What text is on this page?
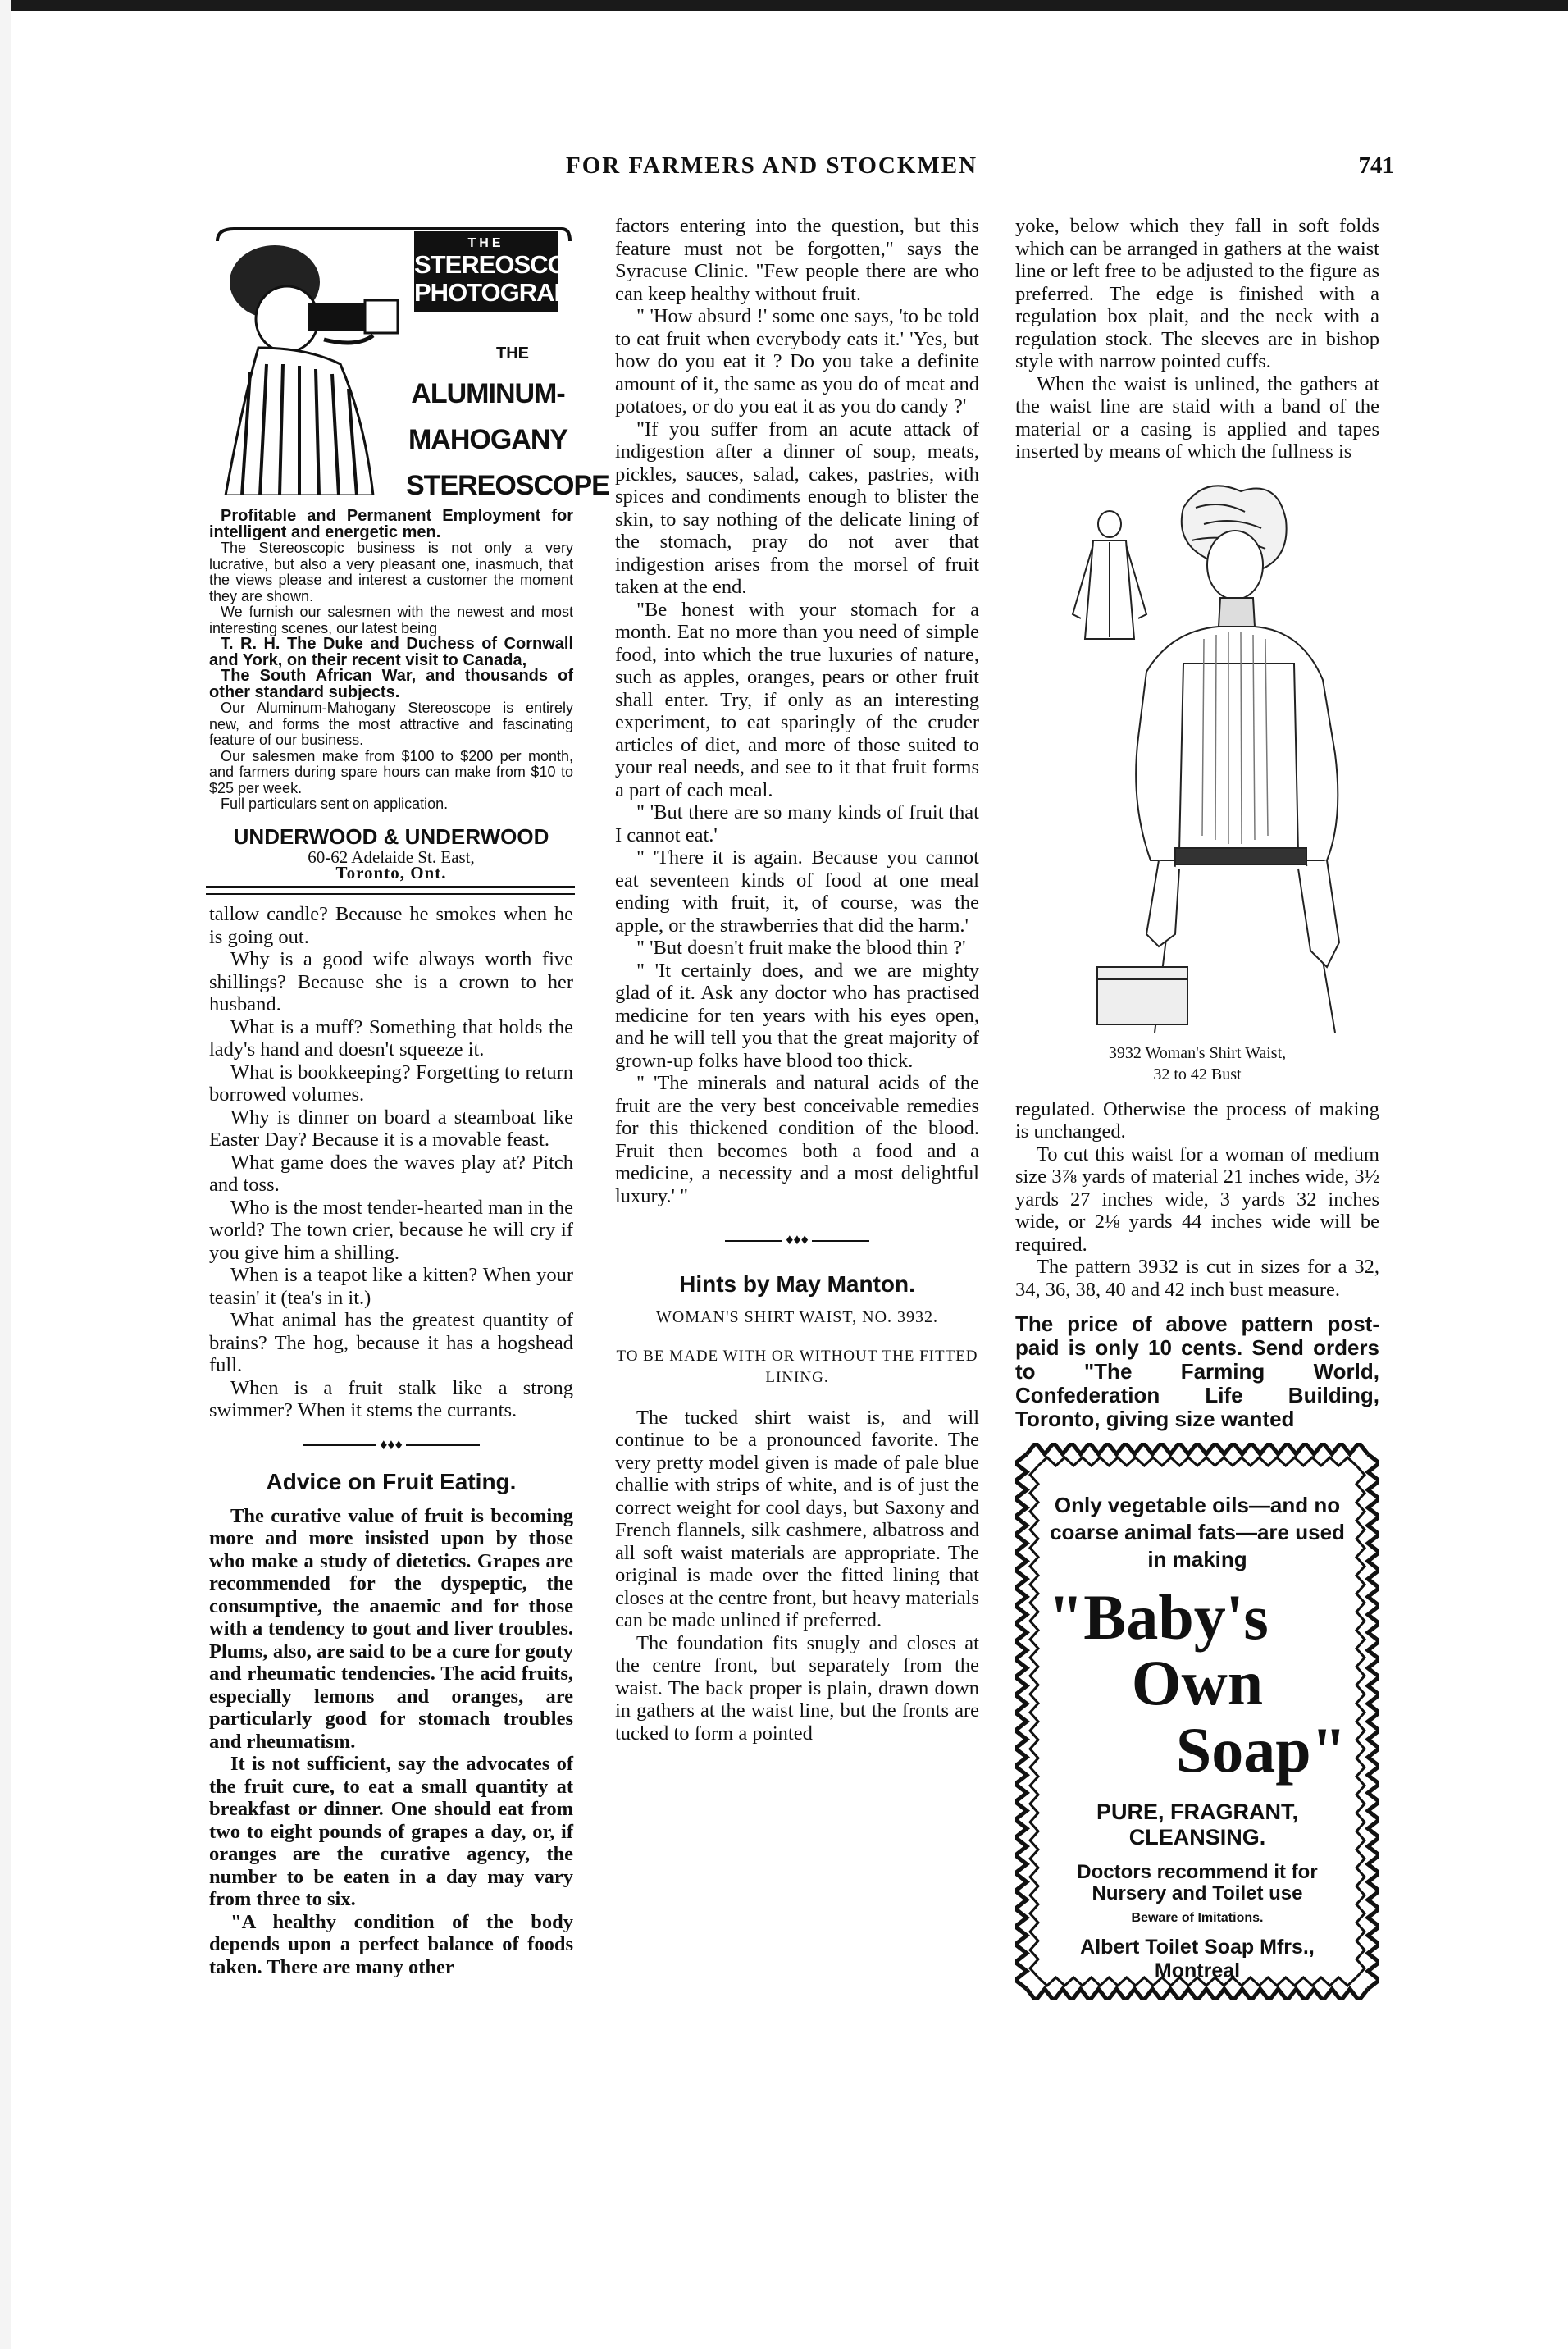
FOR FARMERS AND STOCKMEN	741
THE
STEREOSCOPIC
PHOTOGRAPH
THE
ALUMINUM-
MAHOGANY
STEREOSCOPE

Profitable and Permanent Employment for intelligent and energetic men.

The Stereoscopic business is not only a very lucrative, but also a very pleasant one, inasmuch, that the views please and interest a customer the moment they are shown.

We furnish our salesmen with the newest and most interesting scenes, our latest being

T. R. H. The Duke and Duchess of Cornwall and York, on their recent visit to Canada,

The South African War, and thousands of other standard subjects.

Our Aluminum-Mahogany Stereoscope is entirely new, and forms the most attractive and fascinating feature of our business.

Our salesmen make from $100 to $200 per month, and farmers during spare hours can make from $10 to $25 per week.

Full particulars sent on application.

UNDERWOOD & UNDERWOOD

60-62 Adelaide St. East,

Toronto, Ont.

tallow candle? Because he smokes when he is going out.

Why is a good wife always worth five shillings? Because she is a crown to her husband.

What is a muff? Something that holds the lady's hand and doesn't squeeze it.

What is bookkeeping? Forgetting to return borrowed volumes.

Why is dinner on board a steamboat like Easter Day? Because it is a movable feast.

What game does the waves play at? Pitch and toss.

Who is the most tender-hearted man in the world? The town crier, because he will cry if you give him a shilling.

When is a teapot like a kitten? When your teasin' it (tea's in it.)

What animal has the greatest quantity of brains? The hog, because it has a hogshead full.

When is a fruit stalk like a strong swimmer? When it stems the currants.

♦♦♦
Advice on Fruit Eating.

The curative value of fruit is becoming more and more insisted upon by those who make a study of dietetics. Grapes are recommended for the dyspeptic, the consumptive, the anaemic and for those with a tendency to gout and liver troubles. Plums, also, are said to be a cure for gouty and rheumatic tendencies. The acid fruits, especially lemons and oranges, are particularly good for stomach troubles and rheumatism.

It is not sufficient, say the advocates of the fruit cure, to eat a small quantity at breakfast or dinner. One should eat from two to eight pounds of grapes a day, or, if oranges are the curative agency, the number to be eaten in a day may vary from three to six.

"A healthy condition of the body depends upon a perfect balance of foods taken. There are many other

factors entering into the question, but this feature must not be forgotten," says the Syracuse Clinic. "Few people there are who can keep healthy without fruit.

" 'How absurd !' some one says, 'to be told to eat fruit when everybody eats it.' 'Yes, but how do you eat it ? Do you take a definite amount of it, the same as you do of meat and potatoes, or do you eat it as you do candy ?'

"If you suffer from an acute attack of indigestion after a dinner of soup, meats, pickles, sauces, salad, cakes, pastries, with spices and condiments enough to blister the skin, to say nothing of the delicate lining of the stomach, pray do not aver that indigestion arises from the morsel of fruit taken at the end.

"Be honest with your stomach for a month. Eat no more than you need of simple food, into which the true luxuries of nature, such as apples, oranges, pears or other fruit shall enter. Try, if only as an interesting experiment, to eat sparingly of the cruder articles of diet, and more of those suited to your real needs, and see to it that fruit forms a part of each meal.

" 'But there are so many kinds of fruit that I cannot eat.'

" 'There it is again. Because you cannot eat seventeen kinds of food at one meal ending with fruit, it, of course, was the apple, or the strawberries that did the harm.'

" 'But doesn't fruit make the blood thin ?'

" 'It certainly does, and we are mighty glad of it. Ask any doctor who has practised medicine for ten years with his eyes open, and he will tell you that the great majority of grown-up folks have blood too thick.

" 'The minerals and natural acids of the fruit are the very best conceivable remedies for this thickened condition of the blood. Fruit then becomes both a food and a medicine, a necessity and a most delightful luxury.' "

♦♦♦
Hints by May Manton.
WOMAN'S SHIRT WAIST, NO. 3932.
TO BE MADE WITH OR WITHOUT THE FITTED LINING.

The tucked shirt waist is, and will continue to be a pronounced favorite. The very pretty model given is made of pale blue challie with strips of white, and is of just the correct weight for cool days, but Saxony and French flannels, silk cashmere, albatross and all soft waist materials are appropriate. The original is made over the fitted lining that closes at the centre front, but heavy materials can be made unlined if preferred.

The foundation fits snugly and closes at the centre front, but separately from the waist. The back proper is plain, drawn down in gathers at the waist line, but the fronts are tucked to form a pointed

yoke, below which they fall in soft folds which can be arranged in gathers at the waist line or left free to be adjusted to the figure as preferred. The edge is finished with a regulation box plait, and the neck with a regulation stock. The sleeves are in bishop style with narrow pointed cuffs.

When the waist is unlined, the gathers at the waist line are staid with a band of the material or a casing is applied and tapes inserted by means of which the fullness is

3932 Woman's Shirt Waist,
32 to 42 Bust

regulated. Otherwise the process of making is unchanged.

To cut this waist for a woman of medium size 3⅞ yards of material 21 inches wide, 3½ yards 27 inches wide, 3 yards 32 inches wide, or 2⅛ yards 44 inches wide will be required.

The pattern 3932 is cut in sizes for a 32, 34, 36, 38, 40 and 42 inch bust measure.

The price of above pattern post-paid is only 10 cents. Send orders to "The Farming World, Confederation Life Building, Toronto, giving size wanted
Only vegetable oils—and no coarse animal fats—are used in making
"Baby's
Own
Soap"
PURE, FRAGRANT, CLEANSING.
Doctors recommend it for Nursery and Toilet use
Beware of Imitations.
Albert Toilet Soap Mfrs., Montreal
